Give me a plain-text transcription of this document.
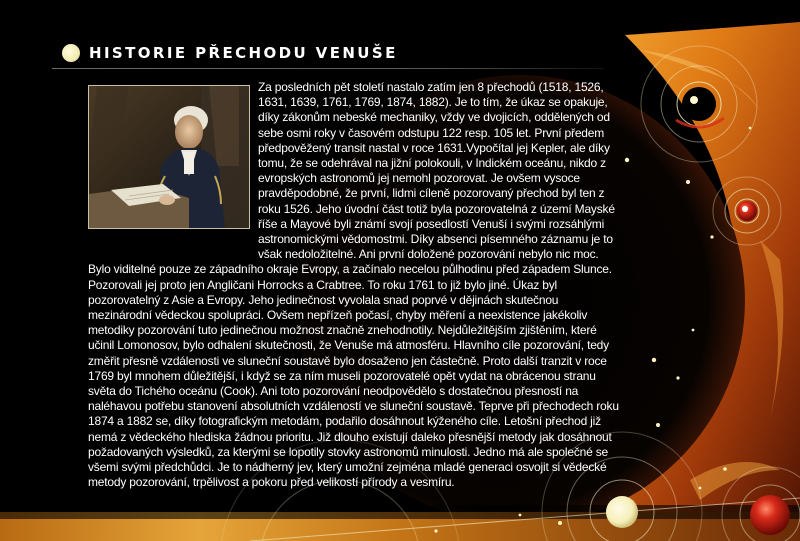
HISTORIE PŘECHODU VENUŠE

Za posledních pět století nastalo zatím jen 8 přechodů (1518, 1526, 1631, 1639, 1761, 1769, 1874, 1882). Je to tím, že úkaz se opakuje, díky zákonům nebeské mechaniky, vždy ve dvojicích, oddělených od sebe osmi roky v časovém odstupu 122 resp. 105 let. První předem předpověžený transit nastal v roce 1631.Vypočítal jej Kepler, ale díky tomu, že se odehrával na jižní polokouli, v Indickém oceánu, nikdo z evropských astronomů jej nemohl pozorovat. Je ovšem vysoce pravděpodobné, že první, lidmi cíleně pozorovaný přechod byl ten z roku 1526. Jeho úvodní část totiž byla pozorovatelná z území Mayské říše a Mayové byli známí svojí posedlostí Venuší i svými rozsáhlými astronomickými vědomostmi. Díky absenci písemného záznamu je to však nedoložitelné. Ani první doložené pozorování nebylo nic moc. Bylo viditelné pouze ze západního okraje Evropy, a začínalo necelou půlhodinu před západem Slunce. Pozorovali jej proto jen Angličani Horrocks a Crabtree. To roku 1761 to již bylo jiné. Úkaz byl pozorovatelný z Asie a Evropy. Jeho jedinečnost vyvolala snad poprvé v dějinách skutečnou mezinárodní vědeckou spolupráci. Ovšem nepřízeň počasí, chyby měření a neexistence jakékoliv metodiky pozorování tuto jedinečnou možnost značně znehodnotily. Nejdůležitějším zjištěním, které učinil Lomonosov, bylo odhalení skutečnosti, že Venuše má atmosféru. Hlavního cíle pozorování, tedy změřit přesně vzdálenosti ve sluneční soustavě bylo dosaženo jen částečně. Proto další tranzit v roce 1769 byl mnohem důležitější, i když se za ním museli pozorovatelé opět vydat na obrácenou stranu světa do Tichého oceánu (Cook). Ani toto pozorování neodpovědělo s dostatečnou přesností na naléhavou potřebu stanovení absolutních vzdáleností ve sluneční soustavě. Teprve při přechodech roku 1874 a 1882 se, díky fotografickým metodám, podařilo dosáhnout kýženého cíle. Letošní přechod již nemá z vědeckého hlediska žádnou prioritu. Již dlouho existují daleko přesnější metody jak dosáhnout požadovaných výsledků, za kterými se lopotily stovky astronomů minulosti. Jedno má ale společné se všemi svými předchůdci. Je to nádherný jev, který umožní zejména mladé generaci osvojit si vědecké metody pozorování, trpělivost a pokoru před velikostí přírody a vesmíru.
